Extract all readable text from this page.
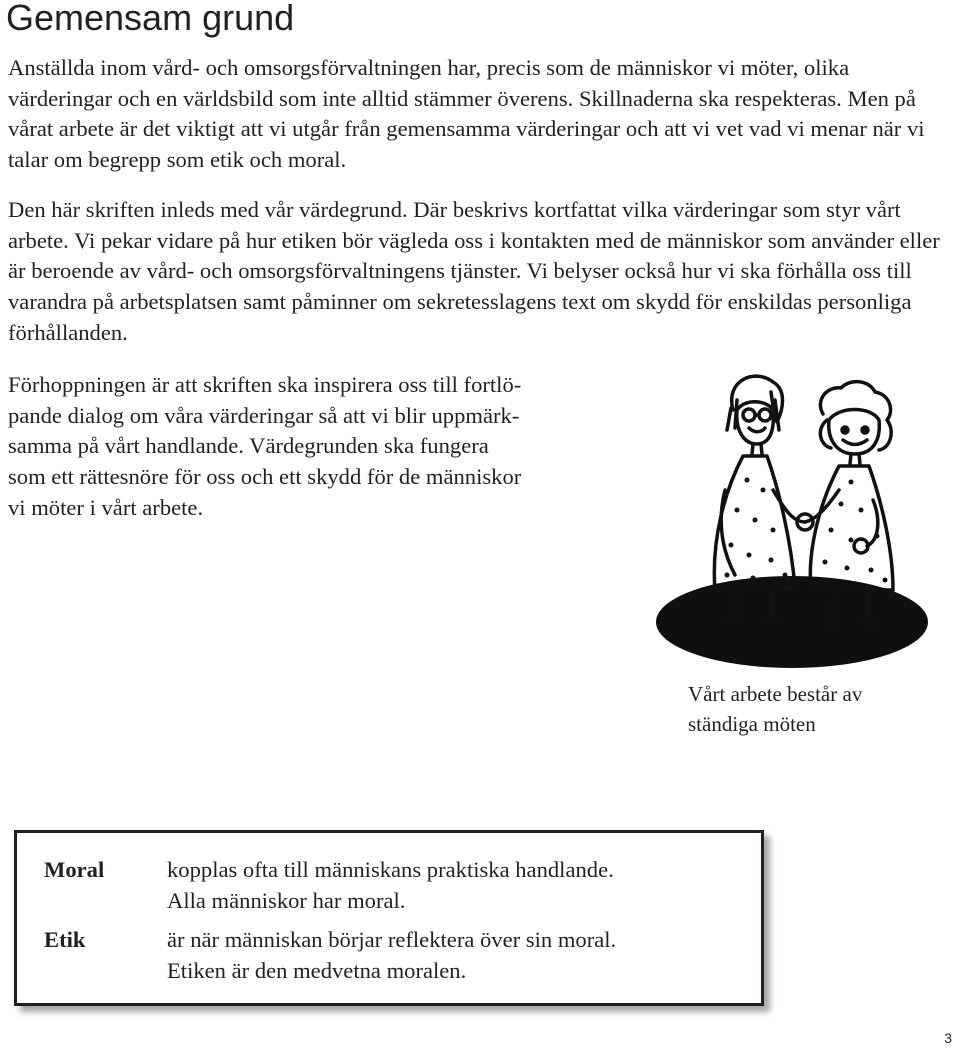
Gemensam grund

Anställda inom vård- och omsorgsförvaltningen har, precis som de människor vi möter, olika värderingar och en världsbild som inte alltid stämmer överens. Skillnaderna ska respekteras. Men på vårat arbete är det viktigt att vi utgår från gemensamma värderingar och att vi vet vad vi menar när vi talar om begrepp som etik och moral.

Den här skriften inleds med vår värdegrund. Där beskrivs kortfattat vilka värderingar som styr vårt arbete. Vi pekar vidare på hur etiken bör vägleda oss i kontakten med de människor som använder eller är beroende av vård- och omsorgsförvaltningens tjänster. Vi belyser också hur vi ska förhålla oss till varandra på arbetsplatsen samt påminner om sekretesslagens text om skydd för enskildas personliga förhållanden.

Förhoppningen är att skriften ska inspirera oss till fortlö-
pande dialog om våra värderingar så att vi blir uppmärk-
samma på vårt handlande. Värdegrunden ska fungera
som ett rättesnöre för oss och ett skydd för de människor
vi möter i vårt arbete.

Vårt arbete består av
ständiga möten

Moral	kopplas ofta till människans praktiska handlande.
Alla människor har moral.

Etik	är när människan börjar reflektera över sin moral.
Etiken är den medvetna moralen.

3
